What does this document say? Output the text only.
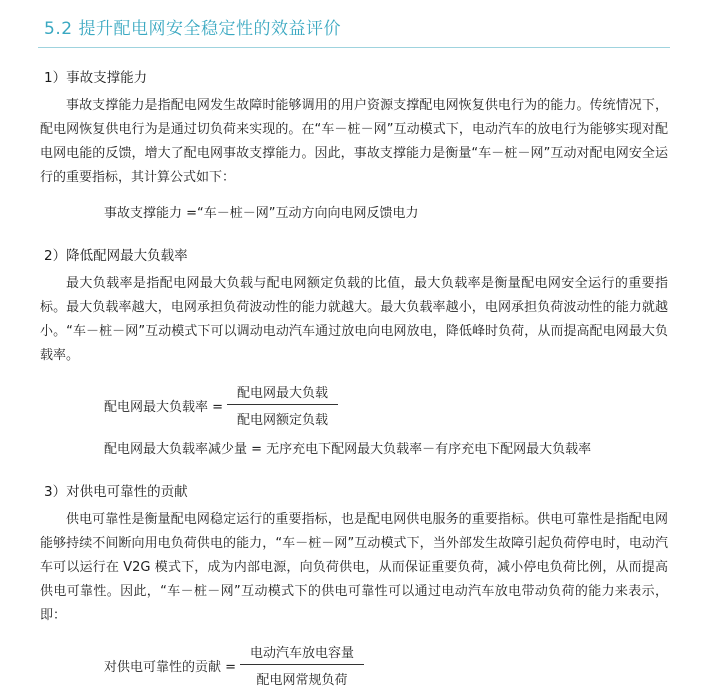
5.2 提升配电网安全稳定性的效益评价
1）事故支撑能力

事故支撑能力是指配电网发生故障时能够调用的用户资源支撑配电网恢复供电行为的能力。传统情况下，配电网恢复供电行为是通过切负荷来实现的。在“车－桩－网”互动模式下，电动汽车的放电行为能够实现对配电网电能的反馈，增大了配电网事故支撑能力。因此，事故支撑能力是衡量“车－桩－网”互动对配电网安全运行的重要指标，其计算公式如下：

事故支撑能力 =“车－桩－网”互动方向向电网反馈电力
2）降低配网最大负载率

最大负载率是指配电网最大负载与配电网额定负载的比值，最大负载率是衡量配电网安全运行的重要指标。最大负载率越大，电网承担负荷波动性的能力就越大。最大负载率越小，电网承担负荷波动性的能力就越小。“车－桩－网”互动模式下可以调动电动汽车通过放电向电网放电，降低峰时负荷，从而提高配电网最大负载率。

配电网最大负载率 = $\frac{\text{配电网最大负载}}{\text{配电网额定负载}}$
配电网最大负载率减少量 = 无序充电下配网最大负载率－有序充电下配网最大负载率
3）对供电可靠性的贡献

供电可靠性是衡量配电网稳定运行的重要指标，也是配电网供电服务的重要指标。供电可靠性是指配电网能够持续不间断向用电负荷供电的能力，“车－桩－网”互动模式下，当外部发生故障引起负荷停电时，电动汽车可以运行在 V2G 模式下，成为内部电源，向负荷供电，从而保证重要负荷，减小停电负荷比例，从而提高供电可靠性。因此，“车－桩－网”互动模式下的供电可靠性可以通过电动汽车放电带动负荷的能力来表示，即：

对供电可靠性的贡献 = $\frac{\text{电动汽车放电容量}}{\text{配电网常规负荷}}$
